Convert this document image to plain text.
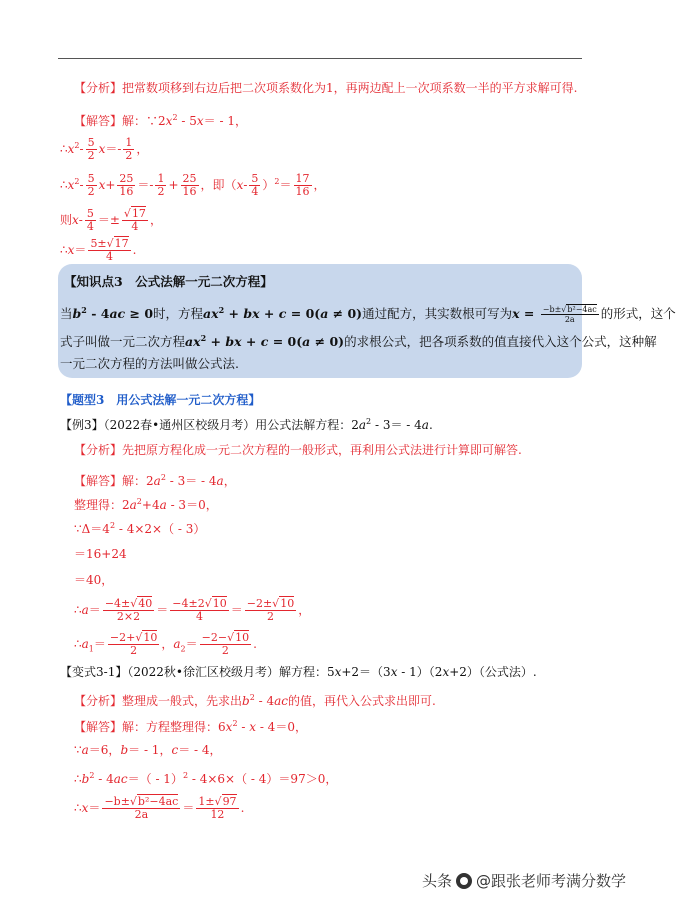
【分析】把常数项移到右边后把二次项系数化为1，再两边配上一次项系数一半的平方求解可得.
【解答】解：$\because 2x^2 - 5x= - 1$，
$\therefore x^2- \frac{5}{2} x=- \frac{1}{2}$ ，
$\therefore x^2- \frac{5}{2} x+ \frac{25}{16} =- \frac{1}{2} + \frac{25}{16}$ ，即$(x- \frac{5}{4} )^2= \frac{17}{16}$ ，
则$x- \frac{5}{4} =\pm \frac{√17}{4}$ ，
∴x＝ $\frac{5\pm√17}{4}$ .
【知识点3　公式法解一元二次方程】
当$b^2 - 4ac \ge 0$时，方程$ax^2$ + bx + c = 0(a ≠ 0)通过配方，其实数根可写为$x = \frac{\text{−b±√b²−4ac}}{2a}$ 的形式，这个
式子叫做一元二次方程$ax^2$ + bx + c = 0(a ≠ 0)的求根公式，把各项系数的值直接代入这个公式，这种解
一元二次方程的方法叫做公式法.
【题型3　用公式法解一元二次方程】
【例3】（2022春•通州区校级月考）用公式法解方程：$2a^2 - 3= - 4a$.
【分析】先把原方程化成一元二次方程的一般形式，再利用公式法进行计算即可解答.
【解答】解：$2a^2 - 3= - 4a$，
整理得：$2a^2+4a - 3=0$，
$\because\Delta=4^2 - 4\times 2\times( - 3)$
＝16+24
＝40，
∴a＝ $\frac{-4\pm√40}{2\times 2} = \frac{-4\pm 2√10}{4} = \frac{-2\pm√10}{2}$ ，
$\therefore a_1= \frac{-2+√10}{2}$ ，$a_2= \frac{-2-√10}{2}$ .
【变式3-1】（2022秋•徐汇区校级月考）解方程：5x+2＝（3x - 1）（2x+2）（公式法）.
【分析】整理成一般式，先求出$b^2 - 4ac$的值，再代入公式求出即可.
【解答】解：方程整理得：$6x^2 - x - 4=0$，
∵a＝6，b＝ - 1，c＝ - 4，
$\therefore b^2 - 4ac=( - 1)^2 - 4\times 6\times( - 4)=97>0$，
∴x＝ $\frac{\text{−b±√b²−4ac}}{2a} = \frac{1\pm√97}{12}$ .
头条 @跟张老师考满分数学
